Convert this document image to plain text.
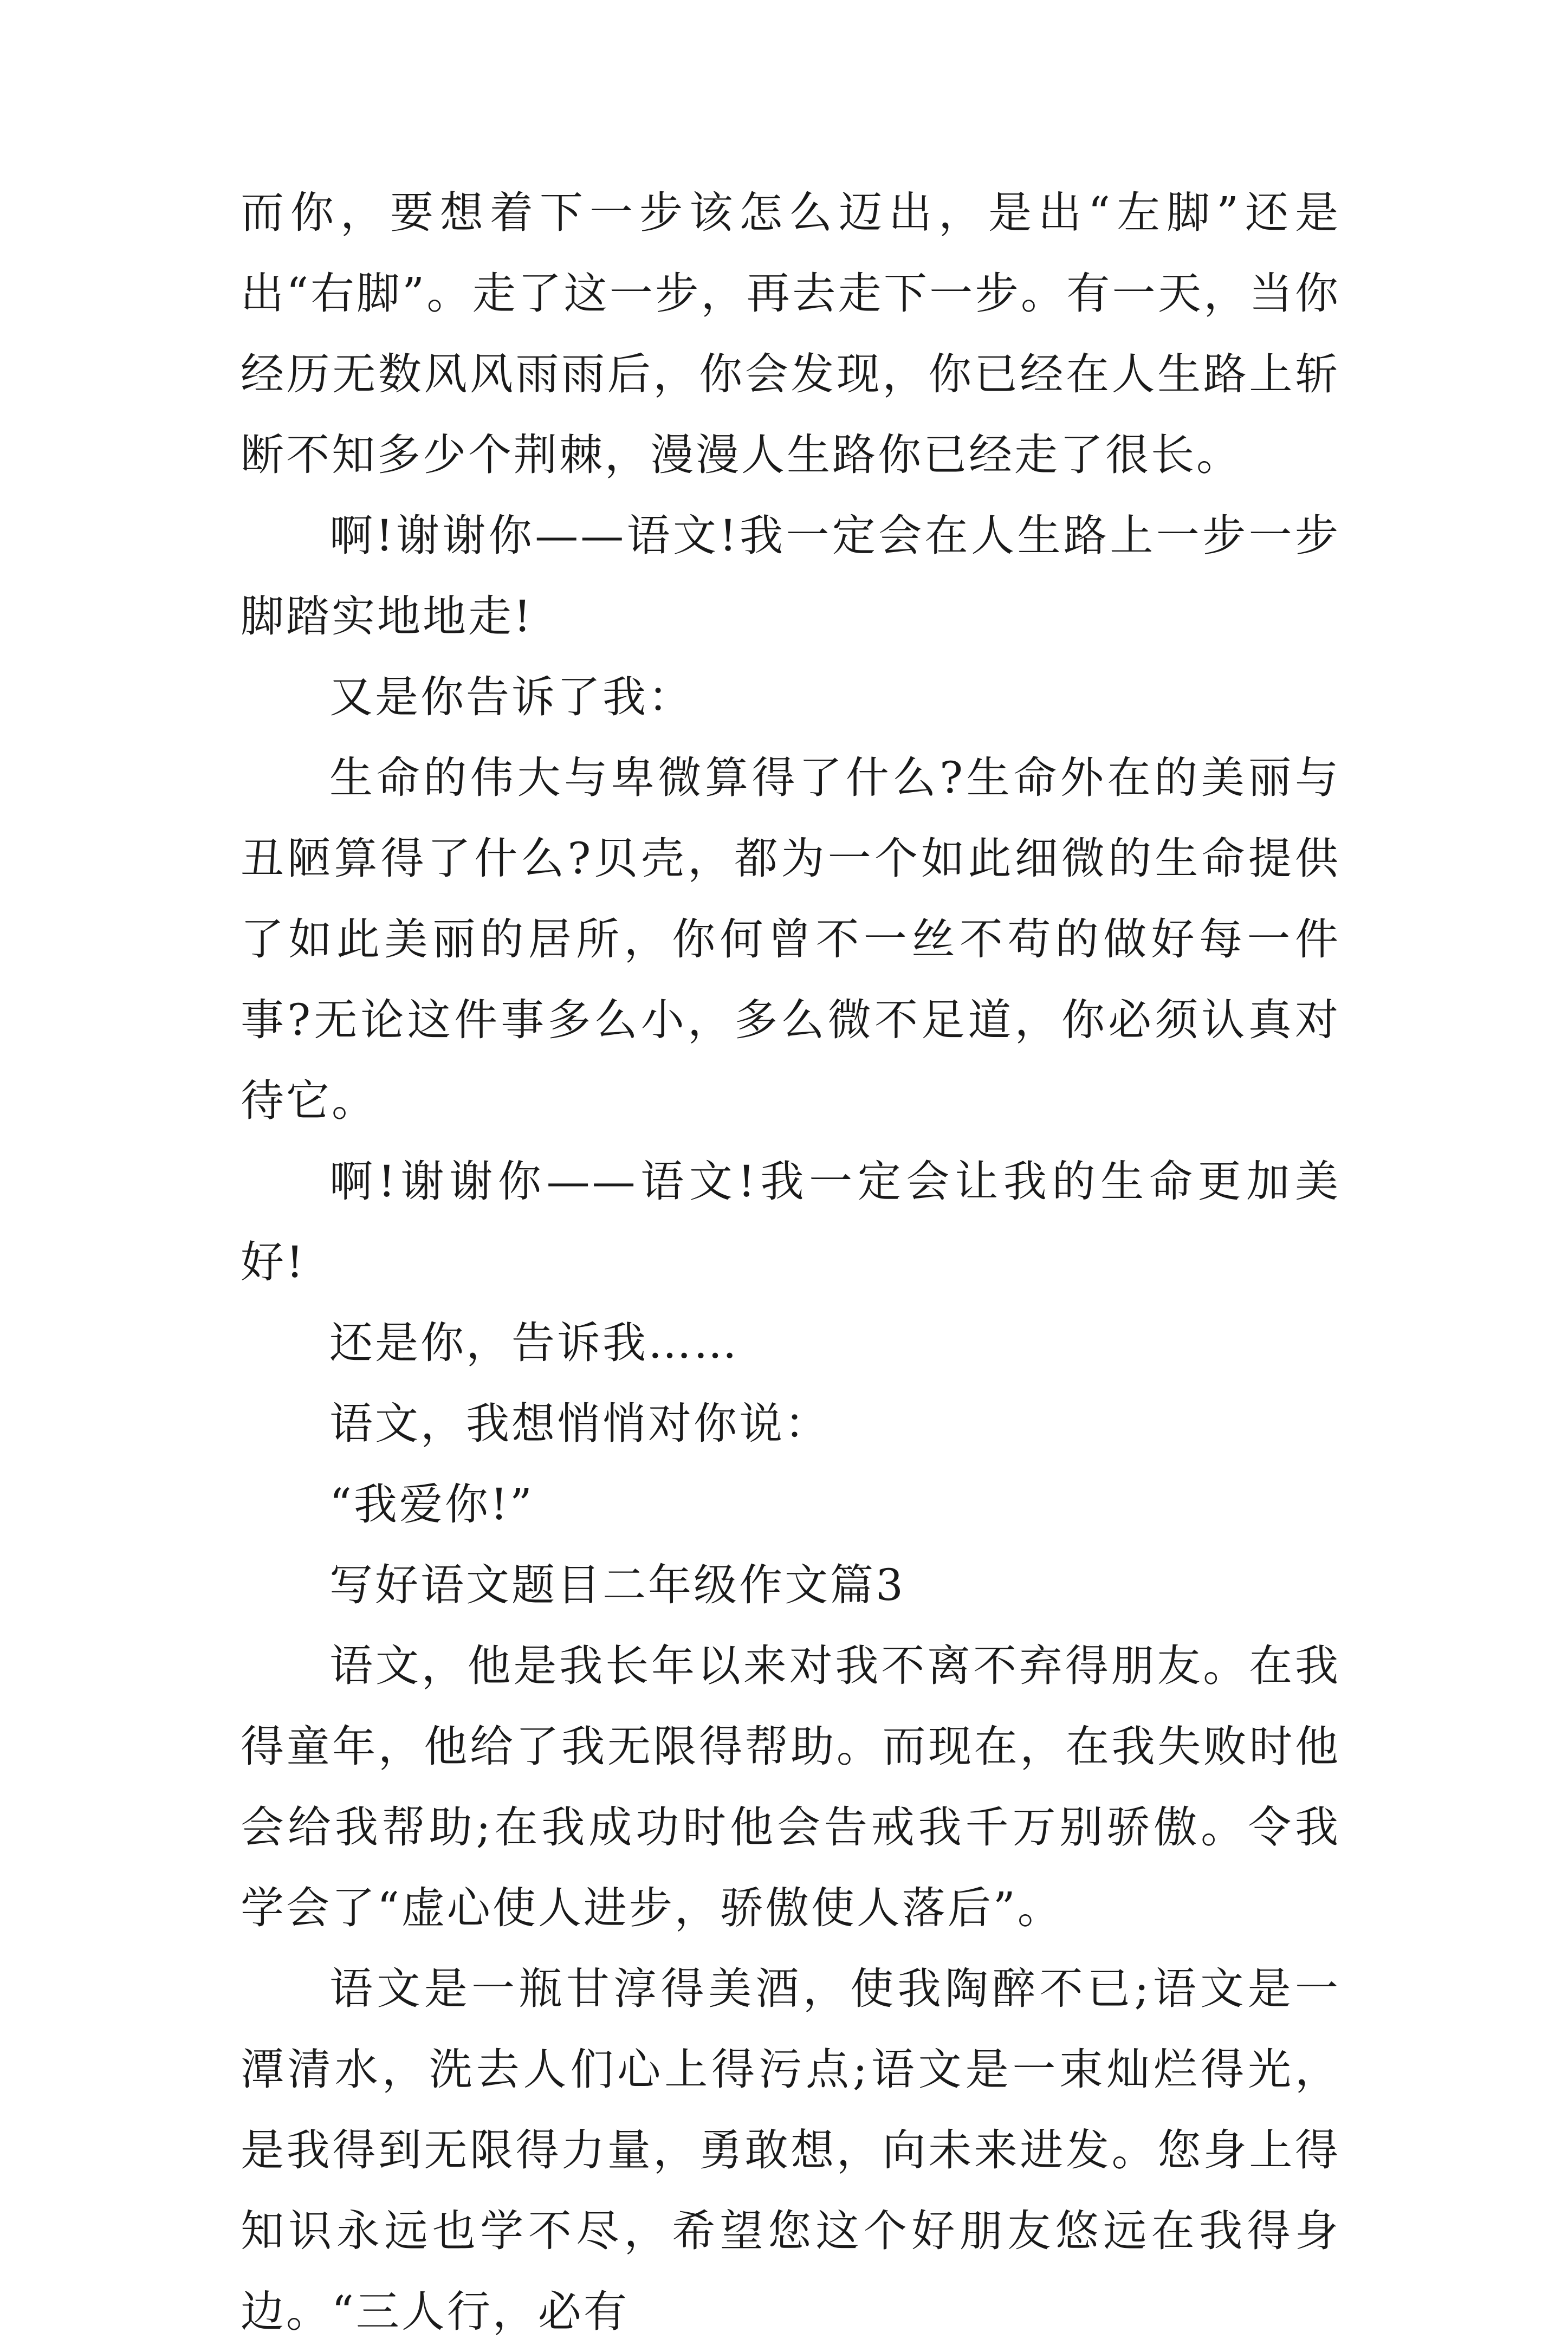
而你，要想着下一步该怎么迈出，是出“左脚”还是出“右脚”。走了这一步，再去走下一步。有一天，当你经历无数风风雨雨后，你会发现，你已经在人生路上斩断不知多少个荆棘，漫漫人生路你已经走了很长。

啊!谢谢你——语文!我一定会在人生路上一步一步脚踏实地地走!

又是你告诉了我：

生命的伟大与卑微算得了什么?生命外在的美丽与丑陋算得了什么?贝壳，都为一个如此细微的生命提供了如此美丽的居所，你何曾不一丝不苟的做好每一件事?无论这件事多么小，多么微不足道，你必须认真对待它。

啊!谢谢你——语文!我一定会让我的生命更加美好!

还是你，告诉我……

语文，我想悄悄对你说：

“我爱你!”

写好语文题目二年级作文篇3

语文，他是我长年以来对我不离不弃得朋友。在我得童年，他给了我无限得帮助。而现在，在我失败时他会给我帮助;在我成功时他会告戒我千万别骄傲。令我学会了“虚心使人进步，骄傲使人落后”。

语文是一瓶甘淳得美酒，使我陶醉不已;语文是一潭清水，洗去人们心上得污点;语文是一束灿烂得光，是我得到无限得力量，勇敢想，向未来进发。您身上得知识永远也学不尽，希望您这个好朋友悠远在我得身边。“三人行，必有
